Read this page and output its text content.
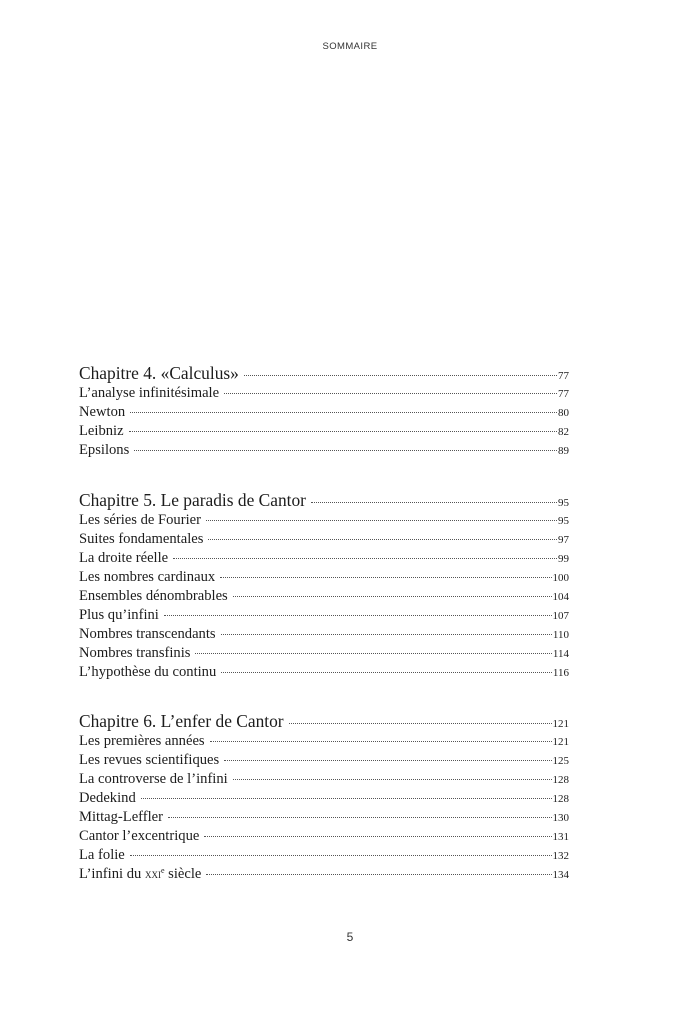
SOMMAIRE
Chapitre 4. «Calculus»	77
L’analyse infinitésimale	77
Newton	80
Leibniz	82
Epsilons	89
Chapitre 5. Le paradis de Cantor	95
Les séries de Fourier	95
Suites fondamentales	97
La droite réelle	99
Les nombres cardinaux	100
Ensembles dénombrables	104
Plus qu’infini	107
Nombres transcendants	110
Nombres transfinis	114
L’hypothèse du continu	116
Chapitre 6. L’enfer de Cantor	121
Les premières années	121
Les revues scientifiques	125
La controverse de l’infini	128
Dedekind	128
Mittag-Leffler	130
Cantor l’excentrique	131
La folie	132
L’infini du xxi$^e$ siècle	134
5
